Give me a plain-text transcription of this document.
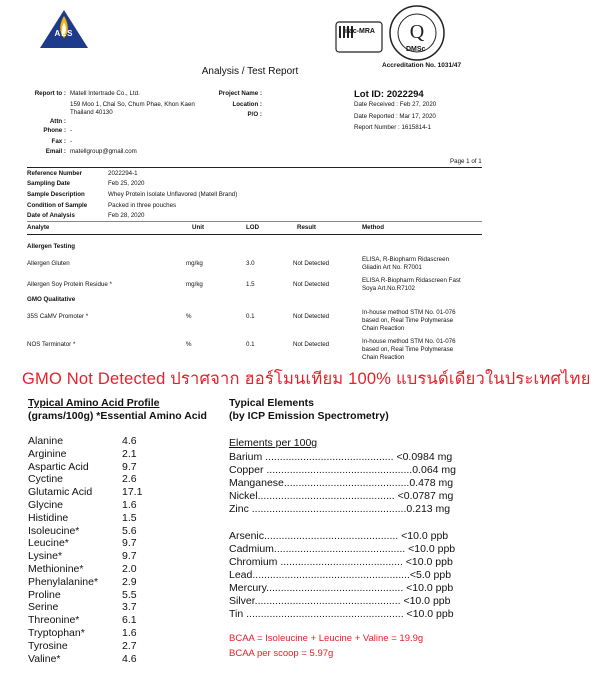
ALS	ilac-MRA Q
DMSc
Accreditation No. 1031/47
Analysis / Test Report
Report to : Matell Intertrade Co., Ltd.
159 Moo 1, Chai So, Chum Phae, Khon Kaen
Thailand 40130
Attn :
Phone : -
Fax : -
Email : matellgroup@gmail.com
Project Name :
Location :
P/O :
Lot ID: 2022294
Date Received : Feb 27, 2020
Date Reported : Mar 17, 2020
Report Number : 1615814-1
Page 1 of 1
Reference Number	2022294-1
Sampling Date	Feb 25, 2020
Sample Description	Whey Protein Isolate Unflavored (Matell Brand)
Condition of Sample	Packed in three pouches
Date of Analysis	Feb 28, 2020
Analyte	Unit	LOD	Result	Method
Allergen Testing
Allergen Gluten	mg/kg	3.0	Not Detected
ELISA, R-Biopharm Ridascreen
Gliadin Art No. R7001
Allergen Soy Protein Residue *	mg/kg	1.5	Not Detected
ELISA R-Biopharm Ridascreen Fast
Soya Art.No.R7102
GMO Qualitative
35S CaMV Promoter *	%	0.1	Not Detected
In-house method STM No. 01-076
based on, Real Time Polymerase
Chain Reaction
NOS Terminator *	%	0.1	Not Detected	In-house method STM No. 01-076
based on, Real Time Polymerase
Chain Reaction
GMO Not Detected ปราศจาก ฮอร์โมนเทียม 100% แบรนด์เดียวในประเทศไทย
Typical Amino Acid Profile
(grams/100g) *Essential Amino Acid
Alanine	4.6
Arginine	2.1
Aspartic Acid	9.7
Cyctine	2.6
Glutamic Acid	17.1
Glycine	1.6
Histidine	1.5
Isoleucine*	5.6
Leucine*	9.7
Lysine*	9.7
Methionine*	2.0
Phenylalanine* 2.9
Proline	5.5
Serine	3.7
Threonine*	6.1
Tryptophan*	1.6
Tyrosine	2.7
Valine*	4.6
Typical Elements
(by ICP Emission Spectrometry)
Elements per 100g
Barium ............................................ <0.0984 mg
Copper ..................................................0.064 mg
Manganese...........................................0.478 mg
Nickel............................................... <0.0787 mg
Zinc .....................................................0.213 mg
Arsenic.............................................. <10.0 ppb
Cadmium............................................. <10.0 ppb
Chromium .......................................... <10.0 ppb
Lead......................................................<5.0 ppb
Mercury............................................... <10.0 ppb
Silver.................................................. <10.0 ppb
Tin ...................................................... <10.0 ppb
BCAA = Isoleucine + Leucine + Valine = 19.9g
BCAA per scoop = 5.97g
